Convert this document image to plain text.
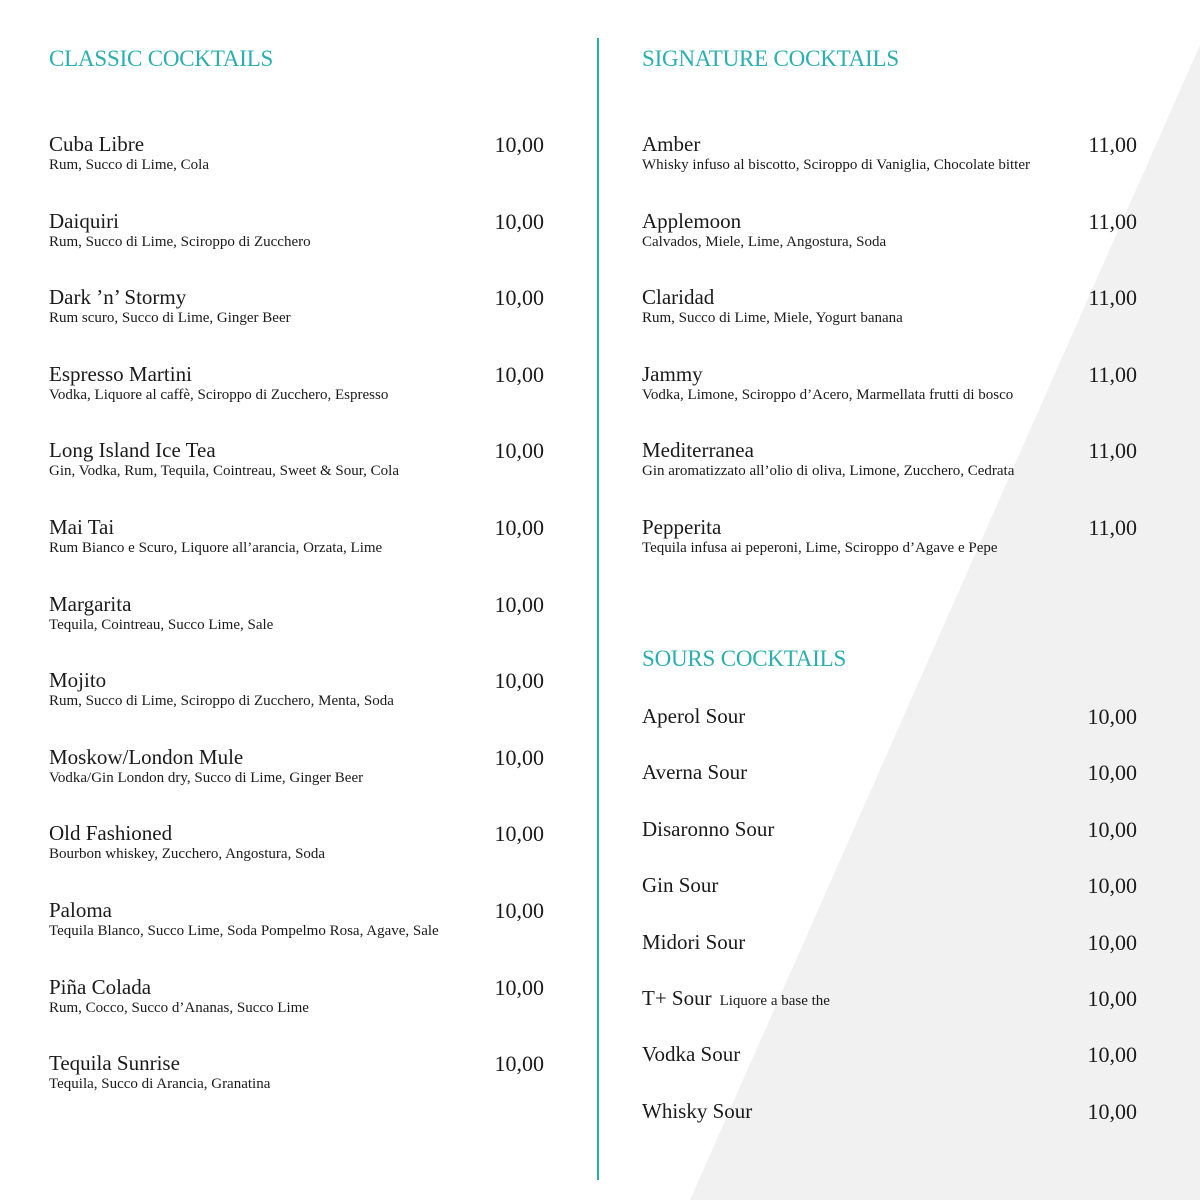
CLASSIC COCKTAILS
Cuba Libre
Rum, Succo di Lime, Cola
10,00
Daiquiri
Rum, Succo di Lime, Sciroppo di Zucchero
10,00
Dark ’n’ Stormy
Rum scuro, Succo di Lime, Ginger Beer
10,00
Espresso Martini
Vodka, Liquore al caffè, Sciroppo di Zucchero, Espresso
10,00
Long Island Ice Tea
Gin, Vodka, Rum, Tequila, Cointreau, Sweet & Sour, Cola
10,00
Mai Tai
Rum Bianco e Scuro, Liquore all’arancia, Orzata, Lime
10,00
Margarita
Tequila, Cointreau, Succo Lime, Sale
10,00
Mojito
Rum, Succo di Lime, Sciroppo di Zucchero, Menta, Soda
10,00
Moskow/London Mule
Vodka/Gin London dry, Succo di Lime, Ginger Beer
10,00
Old Fashioned
Bourbon whiskey, Zucchero, Angostura, Soda
10,00
Paloma
Tequila Blanco, Succo Lime, Soda Pompelmo Rosa, Agave, Sale
10,00
Piña Colada
Rum, Cocco, Succo d’Ananas, Succo Lime
10,00
Tequila Sunrise
Tequila, Succo di Arancia, Granatina
10,00
SIGNATURE COCKTAILS
Amber
Whisky infuso al biscotto, Sciroppo di Vaniglia, Chocolate bitter
11,00
Applemoon
Calvados, Miele, Lime, Angostura, Soda
11,00
Claridad
Rum, Succo di Lime, Miele, Yogurt banana
11,00
Jammy
Vodka, Limone, Sciroppo d’Acero, Marmellata frutti di bosco
11,00
Mediterranea
Gin aromatizzato all’olio di oliva, Limone, Zucchero, Cedrata
11,00
Pepperita
Tequila infusa ai peperoni, Lime, Sciroppo d’Agave e Pepe
11,00
SOURS COCKTAILS
Aperol Sour	10,00
Averna Sour	10,00
Disaronno Sour	10,00
Gin Sour	10,00
Midori Sour	10,00
T+ Sour Liquore a base the	10,00
Vodka Sour	10,00
Whisky Sour	10,00
